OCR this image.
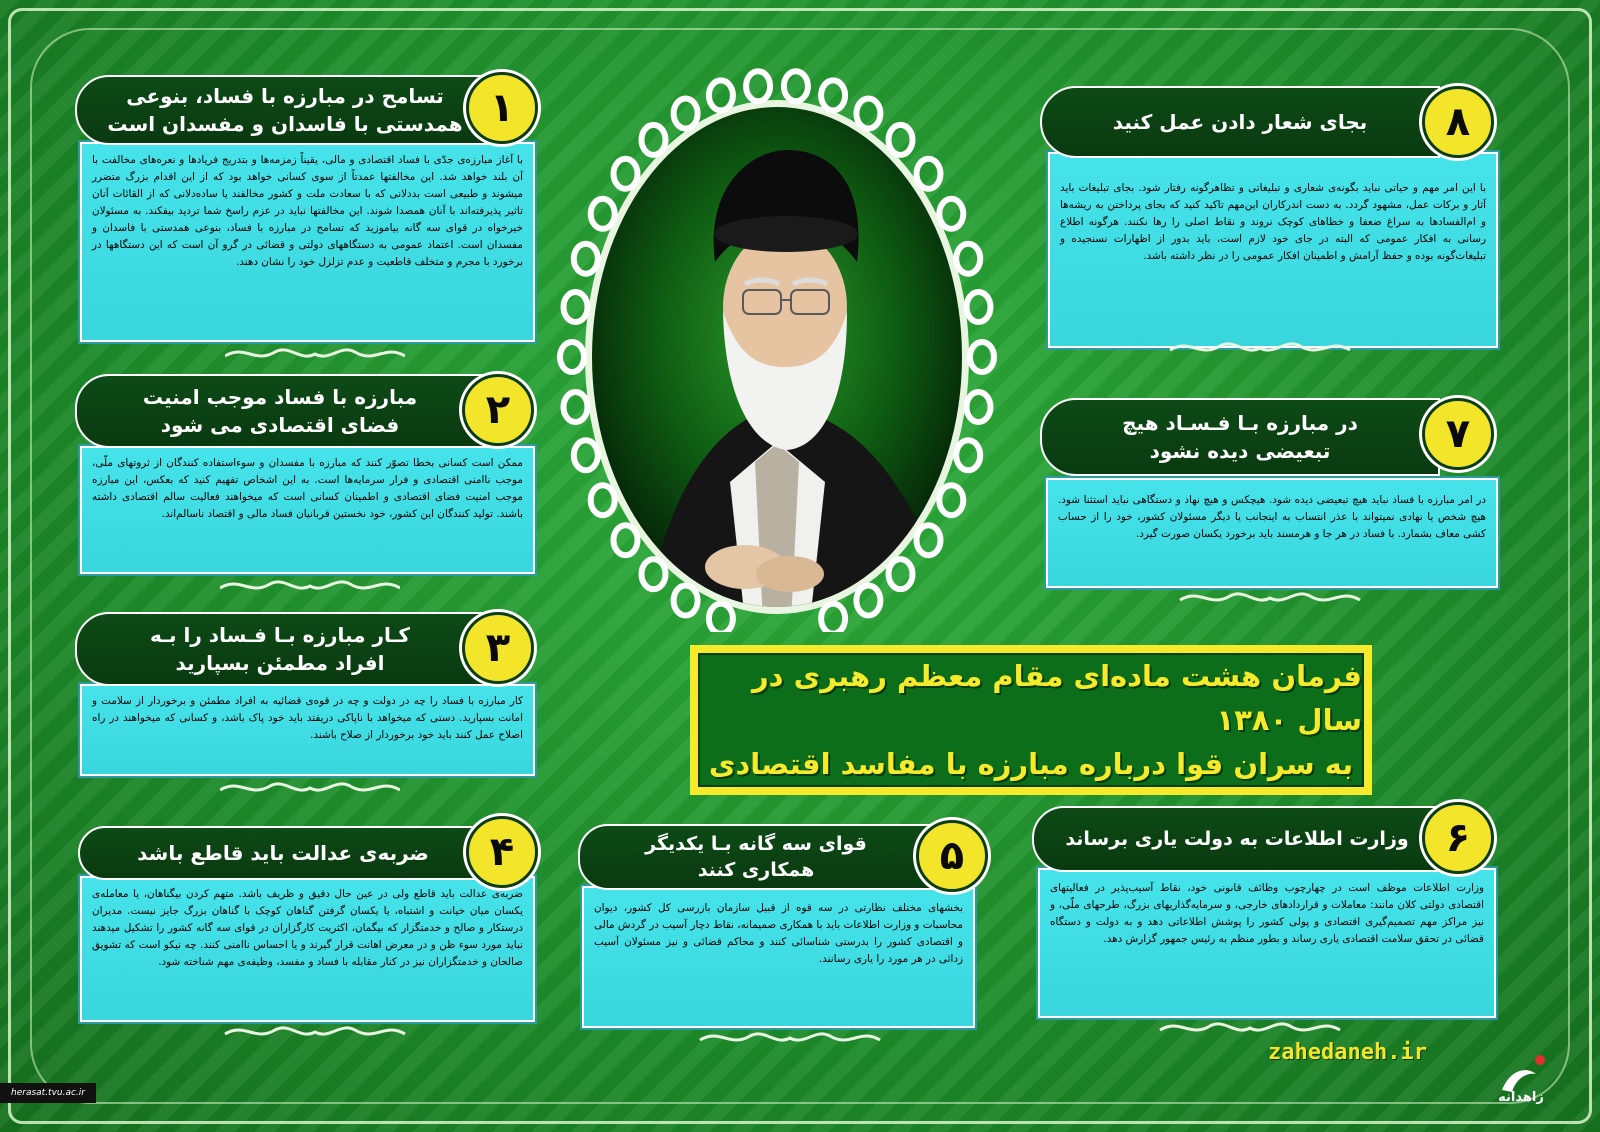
فرمان هشت ماده‌ای مقام معظم رهبری در سال ۱۳۸۰
به سران قوا درباره مبارزه با مفاسد اقتصادی
با آغاز مبارزه‌ی جدّی با فساد اقتصادی و مالی، یقیناً زمزمه‌ها و بتدریج فریادها و نعره‌های مخالفت با آن بلند خواهد شد. این مخالفتها عمدتاً از سوی کسانی خواهد بود که از این اقدام بزرگ متضرر میشوند و طبیعی است بددلانی که با سعادت ملت و کشور مخالفند یا ساده‌دلانی که از القائات آنان تاثیر پذیرفته‌اند با آنان همصدا شوند. این مخالفتها نباید در عزم راسخ شما تردید بیفکند. به مسئولان خیرخواه در قوای سه گانه بیاموزید که تسامح در مبارزه با فساد، بنوعی همدستی با فاسدان و مفسدان است. اعتماد عمومی به دستگاههای دولتی و قضائی در گرو آن است که این دستگاهها در برخورد با مجرم و متخلف قاطعیت و عدم تزلزل خود را نشان دهند.
تسامح در مبارزه با فساد، بنوعی
همدستی با فاسدان و مفسدان است ۱
ممکن است کسانی بخطا تصوّر کنند که مبارزه با مفسدان و سوءاستفاده کنندگان از ثروتهای ملّی، موجب ناامنی اقتصادی و فرار سرمایه‌ها است. به این اشخاص تفهیم کنید که بعکس، این مبارزه موجب امنیت فضای اقتصادی و اطمینان کسانی است که میخواهند فعالیت سالم اقتصادی داشته باشند. تولید کنندگان این کشور، خود نخستین قربانیان فساد مالی و اقتصاد ناسالم‌اند.
مبارزه با فساد موجب امنیت
فضای اقتصادی می شود	۲
کار مبارزه با فساد را چه در دولت و چه در قوه‌ی قضائیه به افراد مطمئن و برخوردار از سلامت و امانت بسپارید. دستی که میخواهد با ناپاکی دریفتد باید خود پاک باشد، و کسانی که میخواهند در راه اصلاح عمل کنند باید خود برخوردار از صلاح باشند.
کـار مبارزه بـا فـساد را بـه
افراد مطمئن بسپارید	۳
ضربه‌ی عدالت باید قاطع ولی در عین حال دقیق و ظریف باشد. متهم کردن بیگناهان، یا معامله‌ی یکسان میان خیانت و اشتباه، یا یکسان گرفتن گناهان کوچک با گناهان بزرگ جایز نیست. مدیران درستکار و صالح و خدمتگزار که بیگمان، اکثریت کارگزاران در قوای سه گانه کشور را تشکیل میدهند نباید مورد سوء ظن و در معرض اهانت قرار گیرند و یا احساس ناامنی کنند. چه نیکو است که تشویق صالحان و خدمتگزاران نیز در کنار مقابله با فساد و مفسد، وظیفه‌ی مهم شناخته شود.
ضربه‌ی عدالت باید قاطع باشد	۴
بخشهای مختلف نظارتی در سه قوه از قبیل سازمان بازرسی کل کشور، دیوان محاسبات و وزارت اطلاعات باید با همکاری صمیمانه، نقاط دچار آسیب در گردش مالی و اقتصادی کشور را بدرستی شناسائی کنند و محاکم قضائی و نیز مسئولان آسیب زدائی در هر مورد را یاری رسانند.
قوای سه گانه بـا یکدیگر
همکاری کنند	۵
وزارت اطلاعات موظف است در چهارچوب وظائف قانونی خود، نقاط آسیب‌پذیر در فعالیتهای اقتصادی دولتی کلان مانند: معاملات و قراردادهای خارجی، و سرمایه‌گذاریهای بزرگ، طرحهای ملّی، و نیز مراکز مهم تصمیم‌گیری اقتصادی و پولی کشور را پوشش اطلاعاتی دهد و به دولت و دستگاه قضائی در تحقق سلامت اقتصادی یاری رساند و بطور منظم به رئیس جمهور گزارش دهد.
وزارت اطلاعات به دولت یاری برساند ۶
در امر مبارزه با فساد نباید هیچ تبعیضی دیده شود. هیچکس و هیچ نهاد و دستگاهی نباید استثنا شود. هیچ شخص یا نهادی نمیتواند با عذر انتساب به اینجانب یا دیگر مسئولان کشور، خود را از حساب کشی معاف بشمارد. با فساد در هر جا و هرمسند باید برخورد یکسان صورت گیرد.
در مبارزه بـا فـسـاد هیچ
تبعیضی دیده نشود	۷
با این امر مهم و حیاتی نباید بگونه‌ی شعاری و تبلیغاتی و تظاهرگونه رفتار شود. بجای تبلیغات باید آثار و برکات عمل، مشهود گردد. به دست اندرکاران این‌مهم تاکید کنید که بجای پرداختن به ریشه‌ها و ام‌الفسادها به سراغ ضعفا و خطاهای کوچک نروند و نقاط اصلی را رها نکنند. هرگونه اطلاع رسانی به افکار عمومی که البته در جای خود لازم است، باید بدور از اظهارات نسنجیده و تبلیغات‌گونه بوده و حفظ آرامش و اطمینان افکار عمومی را در نظر داشته باشد.
بجای شعار دادن عمل کنید	۸
zahedaneh.ir
زاهدانه
herasat.tvu.ac.ir
